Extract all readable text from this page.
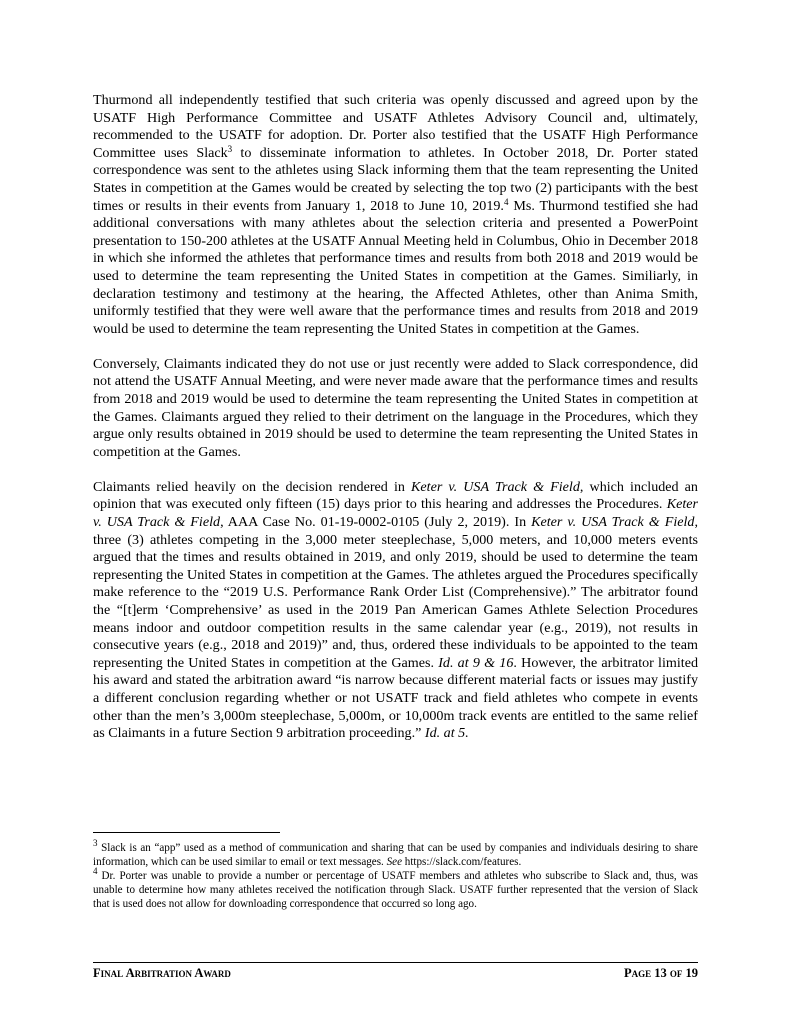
Thurmond all independently testified that such criteria was openly discussed and agreed upon by the USATF High Performance Committee and USATF Athletes Advisory Council and, ultimately, recommended to the USATF for adoption. Dr. Porter also testified that the USATF High Performance Committee uses Slack$^3$ to disseminate information to athletes. In October 2018, Dr. Porter stated correspondence was sent to the athletes using Slack informing them that the team representing the United States in competition at the Games would be created by selecting the top two (2) participants with the best times or results in their events from January 1, 2018 to June 10, 2019.$^4$ Ms. Thurmond testified she had additional conversations with many athletes about the selection criteria and presented a PowerPoint presentation to 150-200 athletes at the USATF Annual Meeting held in Columbus, Ohio in December 2018 in which she informed the athletes that performance times and results from both 2018 and 2019 would be used to determine the team representing the United States in competition at the Games. Similiarly, in declaration testimony and testimony at the hearing, the Affected Athletes, other than Anima Smith, uniformly testified that they were well aware that the performance times and results from 2018 and 2019 would be used to determine the team representing the United States in competition at the Games.

Conversely, Claimants indicated they do not use or just recently were added to Slack correspondence, did not attend the USATF Annual Meeting, and were never made aware that the performance times and results from 2018 and 2019 would be used to determine the team representing the United States in competition at the Games. Claimants argued they relied to their detriment on the language in the Procedures, which they argue only results obtained in 2019 should be used to determine the team representing the United States in competition at the Games.

Claimants relied heavily on the decision rendered in Keter v. USA Track & Field, which included an opinion that was executed only fifteen (15) days prior to this hearing and addresses the Procedures. Keter v. USA Track & Field, AAA Case No. 01-19-0002-0105 (July 2, 2019). In Keter v. USA Track & Field, three (3) athletes competing in the 3,000 meter steeplechase, 5,000 meters, and 10,000 meters events argued that the times and results obtained in 2019, and only 2019, should be used to determine the team representing the United States in competition at the Games. The athletes argued the Procedures specifically make reference to the “2019 U.S. Performance Rank Order List (Comprehensive).” The arbitrator found the “[t]erm ‘Comprehensive’ as used in the 2019 Pan American Games Athlete Selection Procedures means indoor and outdoor competition results in the same calendar year (e.g., 2019), not results in consecutive years (e.g., 2018 and 2019)” and, thus, ordered these individuals to be appointed to the team representing the United States in competition at the Games. Id. at 9 & 16. However, the arbitrator limited his award and stated the arbitration award “is narrow because different material facts or issues may justify a different conclusion regarding whether or not USATF track and field athletes who compete in events other than the men’s 3,000m steeplechase, 5,000m, or 10,000m track events are entitled to the same relief as Claimants in a future Section 9 arbitration proceeding.” Id. at 5.

$^3$ Slack is an “app” used as a method of communication and sharing that can be used by companies and individuals desiring to share information, which can be used similar to email or text messages. See https://slack.com/features.

$^4$ Dr. Porter was unable to provide a number or percentage of USATF members and athletes who subscribe to Slack and, thus, was unable to determine how many athletes received the notification through Slack. USATF further represented that the version of Slack that is used does not allow for downloading correspondence that occurred so long ago.

Final Arbitration Award	Page 13 of 19
